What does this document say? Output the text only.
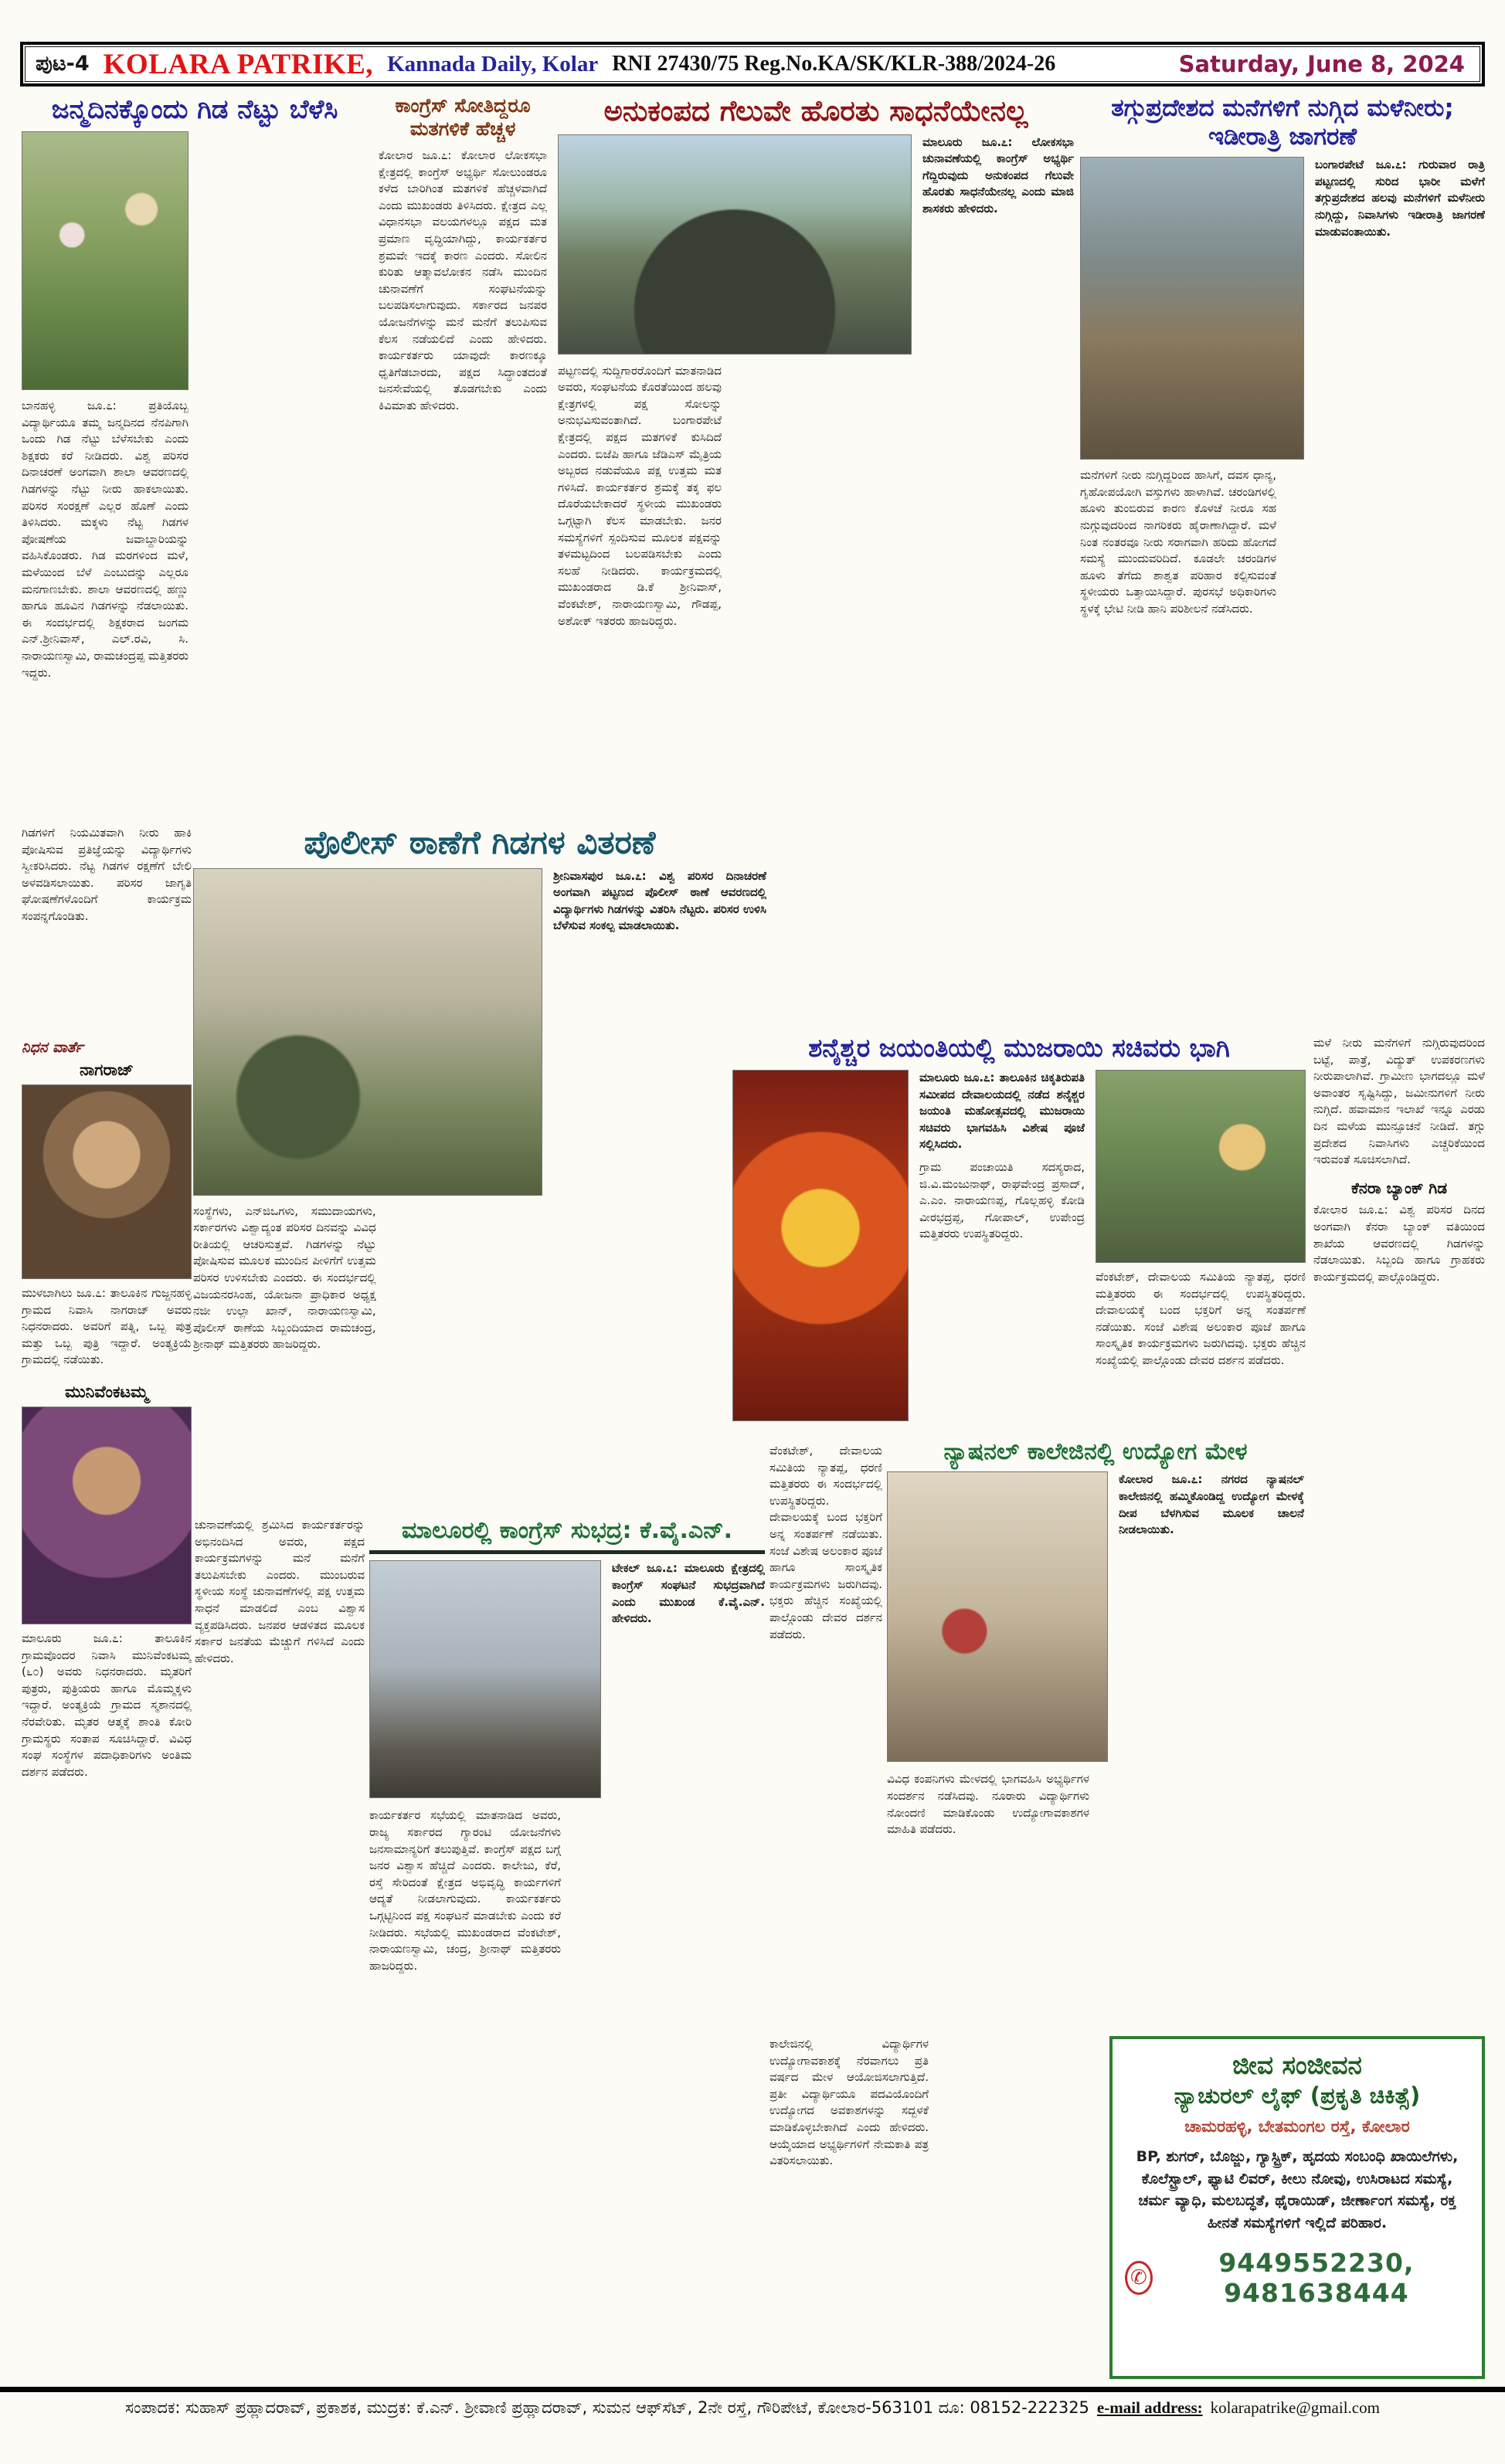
ಪುಟ-4 KOLARA PATRIKE, Kannada Daily, Kolar RNI 27430/75 Reg.No.KA/SK/KLR-388/2024-26	Saturday, June 8, 2024
ಜನ್ಮದಿನಕ್ಕೊಂದು ಗಿಡ ನೆಟ್ಟು ಬೆಳೆಸಿ

ಬಾನಹಳ್ಳಿ ಜೂ.೭: ಪ್ರತಿಯೊಬ್ಬ ವಿದ್ಯಾರ್ಥಿಯೂ ತಮ್ಮ ಜನ್ಮದಿನದ ನೆನಪಿಗಾಗಿ ಒಂದು ಗಿಡ ನೆಟ್ಟು ಬೆಳೆಸಬೇಕು ಎಂದು ಶಿಕ್ಷಕರು ಕರೆ ನೀಡಿದರು. ವಿಶ್ವ ಪರಿಸರ ದಿನಾಚರಣೆ ಅಂಗವಾಗಿ ಶಾಲಾ ಆವರಣದಲ್ಲಿ ಗಿಡಗಳನ್ನು ನೆಟ್ಟು ನೀರು ಹಾಕಲಾಯಿತು. ಪರಿಸರ ಸಂರಕ್ಷಣೆ ಎಲ್ಲರ ಹೊಣೆ ಎಂದು ತಿಳಿಸಿದರು. ಮಕ್ಕಳು ನೆಟ್ಟ ಗಿಡಗಳ ಪೋಷಣೆಯ ಜವಾಬ್ದಾರಿಯನ್ನು ವಹಿಸಿಕೊಂಡರು. ಗಿಡ ಮರಗಳಿಂದ ಮಳೆ, ಮಳೆಯಿಂದ ಬೆಳೆ ಎಂಬುದನ್ನು ಎಲ್ಲರೂ ಮನಗಾಣಬೇಕು. ಶಾಲಾ ಆವರಣದಲ್ಲಿ ಹಣ್ಣು ಹಾಗೂ ಹೂವಿನ ಗಿಡಗಳನ್ನು ನೆಡಲಾಯಿತು. ಈ ಸಂದರ್ಭದಲ್ಲಿ ಶಿಕ್ಷಕರಾದ ಜಂಗಮ ಎನ್.ಶ್ರೀನಿವಾಸ್, ಎಲ್.ರವಿ, ಸಿ. ನಾರಾಯಣಸ್ವಾಮಿ, ರಾಮಚಂದ್ರಪ್ಪ ಮತ್ತಿತರರು ಇದ್ದರು.

ಗಿಡಗಳಿಗೆ ನಿಯಮಿತವಾಗಿ ನೀರು ಹಾಕಿ ಪೋಷಿಸುವ ಪ್ರತಿಜ್ಞೆಯನ್ನು ವಿದ್ಯಾರ್ಥಿಗಳು ಸ್ವೀಕರಿಸಿದರು. ನೆಟ್ಟ ಗಿಡಗಳ ರಕ್ಷಣೆಗೆ ಬೇಲಿ ಅಳವಡಿಸಲಾಯಿತು. ಪರಿಸರ ಜಾಗೃತಿ ಘೋಷಣೆಗಳೊಂದಿಗೆ ಕಾರ್ಯಕ್ರಮ ಸಂಪನ್ನಗೊಂಡಿತು.

ಕಾಂಗ್ರೆಸ್ ಸೋತಿದ್ದರೂ ಮತಗಳಿಕೆ ಹೆಚ್ಚಳ

ಕೋಲಾರ ಜೂ.೭: ಕೋಲಾರ ಲೋಕಸಭಾ ಕ್ಷೇತ್ರದಲ್ಲಿ ಕಾಂಗ್ರೆಸ್ ಅಭ್ಯರ್ಥಿ ಸೋಲುಂಡರೂ ಕಳೆದ ಬಾರಿಗಿಂತ ಮತಗಳಿಕೆ ಹೆಚ್ಚಳವಾಗಿದೆ ಎಂದು ಮುಖಂಡರು ತಿಳಿಸಿದರು. ಕ್ಷೇತ್ರದ ಎಲ್ಲ ವಿಧಾನಸಭಾ ವಲಯಗಳಲ್ಲೂ ಪಕ್ಷದ ಮತ ಪ್ರಮಾಣ ವೃದ್ಧಿಯಾಗಿದ್ದು, ಕಾರ್ಯಕರ್ತರ ಶ್ರಮವೇ ಇದಕ್ಕೆ ಕಾರಣ ಎಂದರು. ಸೋಲಿನ ಕುರಿತು ಆತ್ಮಾವಲೋಕನ ನಡೆಸಿ ಮುಂದಿನ ಚುನಾವಣೆಗೆ ಸಂಘಟನೆಯನ್ನು ಬಲಪಡಿಸಲಾಗುವುದು. ಸರ್ಕಾರದ ಜನಪರ ಯೋಜನೆಗಳನ್ನು ಮನೆ ಮನೆಗೆ ತಲುಪಿಸುವ ಕೆಲಸ ನಡೆಯಲಿದೆ ಎಂದು ಹೇಳಿದರು. ಕಾರ್ಯಕರ್ತರು ಯಾವುದೇ ಕಾರಣಕ್ಕೂ ಧೃತಿಗೆಡಬಾರದು, ಪಕ್ಷದ ಸಿದ್ಧಾಂತದಂತೆ ಜನಸೇವೆಯಲ್ಲಿ ತೊಡಗಬೇಕು ಎಂದು ಕಿವಿಮಾತು ಹೇಳಿದರು.

ಅನುಕಂಪದ ಗೆಲುವೇ ಹೊರತು ಸಾಧನೆಯೇನಲ್ಲ

ಮಾಲೂರು ಜೂ.೭: ಲೋಕಸಭಾ ಚುನಾವಣೆಯಲ್ಲಿ ಕಾಂಗ್ರೆಸ್ ಅಭ್ಯರ್ಥಿ ಗೆದ್ದಿರುವುದು ಅನುಕಂಪದ ಗೆಲುವೇ ಹೊರತು ಸಾಧನೆಯೇನಲ್ಲ ಎಂದು ಮಾಜಿ ಶಾಸಕರು ಹೇಳಿದರು.

ಪಟ್ಟಣದಲ್ಲಿ ಸುದ್ದಿಗಾರರೊಂದಿಗೆ ಮಾತನಾಡಿದ ಅವರು, ಸಂಘಟನೆಯ ಕೊರತೆಯಿಂದ ಹಲವು ಕ್ಷೇತ್ರಗಳಲ್ಲಿ ಪಕ್ಷ ಸೋಲನ್ನು ಅನುಭವಿಸುವಂತಾಗಿದೆ. ಬಂಗಾರಪೇಟೆ ಕ್ಷೇತ್ರದಲ್ಲಿ ಪಕ್ಷದ ಮತಗಳಿಕೆ ಕುಸಿದಿದೆ ಎಂದರು. ಬಿಜೆಪಿ ಹಾಗೂ ಜೆಡಿಎಸ್ ಮೈತ್ರಿಯ ಅಬ್ಬರದ ನಡುವೆಯೂ ಪಕ್ಷ ಉತ್ತಮ ಮತ ಗಳಿಸಿದೆ. ಕಾರ್ಯಕರ್ತರ ಶ್ರಮಕ್ಕೆ ತಕ್ಕ ಫಲ ದೊರೆಯಬೇಕಾದರೆ ಸ್ಥಳೀಯ ಮುಖಂಡರು ಒಗ್ಗಟ್ಟಾಗಿ ಕೆಲಸ ಮಾಡಬೇಕು. ಜನರ ಸಮಸ್ಯೆಗಳಿಗೆ ಸ್ಪಂದಿಸುವ ಮೂಲಕ ಪಕ್ಷವನ್ನು ತಳಮಟ್ಟದಿಂದ ಬಲಪಡಿಸಬೇಕು ಎಂದು ಸಲಹೆ ನೀಡಿದರು. ಕಾರ್ಯಕ್ರಮದಲ್ಲಿ ಮುಖಂಡರಾದ ಡಿ.ಕೆ ಶ್ರೀನಿವಾಸ್, ವೆಂಕಟೇಶ್, ನಾರಾಯಣಸ್ವಾಮಿ, ಗೌಡಪ್ಪ, ಅಶೋಕ್ ಇತರರು ಹಾಜರಿದ್ದರು.

ತಗ್ಗುಪ್ರದೇಶದ ಮನೆಗಳಿಗೆ ನುಗ್ಗಿದ ಮಳೆನೀರು; ಇಡೀರಾತ್ರಿ ಜಾಗರಣೆ

ಬಂಗಾರಪೇಟೆ ಜೂ.೭: ಗುರುವಾರ ರಾತ್ರಿ ಪಟ್ಟಣದಲ್ಲಿ ಸುರಿದ ಭಾರೀ ಮಳೆಗೆ ತಗ್ಗುಪ್ರದೇಶದ ಹಲವು ಮನೆಗಳಿಗೆ ಮಳೆನೀರು ನುಗ್ಗಿದ್ದು, ನಿವಾಸಿಗಳು ಇಡೀರಾತ್ರಿ ಜಾಗರಣೆ ಮಾಡುವಂತಾಯಿತು.

ಮನೆಗಳಿಗೆ ನೀರು ನುಗ್ಗಿದ್ದರಿಂದ ಹಾಸಿಗೆ, ದವಸ ಧಾನ್ಯ, ಗೃಹೋಪಯೋಗಿ ವಸ್ತುಗಳು ಹಾಳಾಗಿವೆ. ಚರಂಡಿಗಳಲ್ಲಿ ಹೂಳು ತುಂಬಿರುವ ಕಾರಣ ಕೊಳಚೆ ನೀರೂ ಸಹ ನುಗ್ಗುವುದರಿಂದ ನಾಗರಿಕರು ಹೈರಾಣಾಗಿದ್ದಾರೆ. ಮಳೆ ನಿಂತ ನಂತರವೂ ನೀರು ಸರಾಗವಾಗಿ ಹರಿದು ಹೋಗದೆ ಸಮಸ್ಯೆ ಮುಂದುವರಿದಿದೆ. ಕೂಡಲೇ ಚರಂಡಿಗಳ ಹೂಳು ತೆಗೆದು ಶಾಶ್ವತ ಪರಿಹಾರ ಕಲ್ಪಿಸುವಂತೆ ಸ್ಥಳೀಯರು ಒತ್ತಾಯಿಸಿದ್ದಾರೆ. ಪುರಸಭೆ ಅಧಿಕಾರಿಗಳು ಸ್ಥಳಕ್ಕೆ ಭೇಟಿ ನೀಡಿ ಹಾನಿ ಪರಿಶೀಲನೆ ನಡೆಸಿದರು.

ಮಳೆ ನೀರು ಮನೆಗಳಿಗೆ ನುಗ್ಗಿರುವುದರಿಂದ ಬಟ್ಟೆ, ಪಾತ್ರೆ, ವಿದ್ಯುತ್ ಉಪಕರಣಗಳು ನೀರುಪಾಲಾಗಿವೆ. ಗ್ರಾಮೀಣ ಭಾಗದಲ್ಲೂ ಮಳೆ ಅವಾಂತರ ಸೃಷ್ಟಿಸಿದ್ದು, ಜಮೀನುಗಳಿಗೆ ನೀರು ನುಗ್ಗಿದೆ. ಹವಾಮಾನ ಇಲಾಖೆ ಇನ್ನೂ ಎರಡು ದಿನ ಮಳೆಯ ಮುನ್ಸೂಚನೆ ನೀಡಿದೆ. ತಗ್ಗು ಪ್ರದೇಶದ ನಿವಾಸಿಗಳು ಎಚ್ಚರಿಕೆಯಿಂದ ಇರುವಂತೆ ಸೂಚಿಸಲಾಗಿದೆ.

ಕೆನರಾ ಬ್ಯಾಂಕ್ ಗಿಡ

ಕೋಲಾರ ಜೂ.೭: ವಿಶ್ವ ಪರಿಸರ ದಿನದ ಅಂಗವಾಗಿ ಕೆನರಾ ಬ್ಯಾಂಕ್ ವತಿಯಿಂದ ಶಾಖೆಯ ಆವರಣದಲ್ಲಿ ಗಿಡಗಳನ್ನು ನೆಡಲಾಯಿತು. ಸಿಬ್ಬಂದಿ ಹಾಗೂ ಗ್ರಾಹಕರು ಕಾರ್ಯಕ್ರಮದಲ್ಲಿ ಪಾಲ್ಗೊಂಡಿದ್ದರು.

ಪೊಲೀಸ್ ಠಾಣೆಗೆ ಗಿಡಗಳ ವಿತರಣೆ

ಶ್ರೀನಿವಾಸಪುರ ಜೂ.೭: ವಿಶ್ವ ಪರಿಸರ ದಿನಾಚರಣೆ ಅಂಗವಾಗಿ ಪಟ್ಟಣದ ಪೊಲೀಸ್ ಠಾಣೆ ಆವರಣದಲ್ಲಿ ವಿದ್ಯಾರ್ಥಿಗಳು ಗಿಡಗಳನ್ನು ವಿತರಿಸಿ ನೆಟ್ಟರು. ಪರಿಸರ ಉಳಿಸಿ ಬೆಳೆಸುವ ಸಂಕಲ್ಪ ಮಾಡಲಾಯಿತು.

ಸಂಸ್ಥೆಗಳು, ಎನ್‌ಜಿಒಗಳು, ಸಮುದಾಯಗಳು, ಸರ್ಕಾರಗಳು ವಿಶ್ವಾದ್ಯಂತ ಪರಿಸರ ದಿನವನ್ನು ವಿವಿಧ ರೀತಿಯಲ್ಲಿ ಆಚರಿಸುತ್ತವೆ. ಗಿಡಗಳನ್ನು ನೆಟ್ಟು ಪೋಷಿಸುವ ಮೂಲಕ ಮುಂದಿನ ಪೀಳಿಗೆಗೆ ಉತ್ತಮ ಪರಿಸರ ಉಳಿಸಬೇಕು ಎಂದರು. ಈ ಸಂದರ್ಭದಲ್ಲಿ ವಿಜಯನರಸಿಂಹ, ಯೋಜನಾ ಪ್ರಾಧಿಕಾರ ಅಧ್ಯಕ್ಷ ನಜೀ ಉಲ್ಲಾ ಖಾನ್, ನಾರಾಯಣಸ್ವಾಮಿ, ಪೊಲೀಸ್ ಠಾಣೆಯ ಸಿಬ್ಬಂದಿಯಾದ ರಾಮಚಂದ್ರ, ಶ್ರೀನಾಥ್ ಮತ್ತಿತರರು ಹಾಜರಿದ್ದರು.

ಶನೈಶ್ಚರ ಜಯಂತಿಯಲ್ಲಿ ಮುಜರಾಯಿ ಸಚಿವರು ಭಾಗಿ

ಮಾಲೂರು ಜೂ.೭: ತಾಲೂಕಿನ ಚಿಕ್ಕತಿರುಪತಿ ಸಮೀಪದ ದೇವಾಲಯದಲ್ಲಿ ನಡೆದ ಶನೈಶ್ಚರ ಜಯಂತಿ ಮಹೋತ್ಸವದಲ್ಲಿ ಮುಜರಾಯಿ ಸಚಿವರು ಭಾಗವಹಿಸಿ ವಿಶೇಷ ಪೂಜೆ ಸಲ್ಲಿಸಿದರು.

ಗ್ರಾಮ ಪಂಚಾಯಿತಿ ಸದಸ್ಯರಾದ, ಜಿ.ವಿ.ಮಂಜುನಾಥ್, ರಾಘವೇಂದ್ರ ಪ್ರಸಾದ್, ಎ.ಎಂ. ನಾರಾಯಣಪ್ಪ, ಗೊಲ್ಲಹಳ್ಳಿ ಕೋಡಿ ವೀರಭದ್ರಪ್ಪ, ಗೋಪಾಲ್, ಉಪೇಂದ್ರ ಮತ್ತಿತರರು ಉಪಸ್ಥಿತರಿದ್ದರು.

ವೆಂಕಟೇಶ್, ದೇವಾಲಯ ಸಮಿತಿಯ ನ್ಯಾತಪ್ಪ, ಧರಣಿ ಮತ್ತಿತರರು ಈ ಸಂದರ್ಭದಲ್ಲಿ ಉಪಸ್ಥಿತರಿದ್ದರು. ದೇವಾಲಯಕ್ಕೆ ಬಂದ ಭಕ್ತರಿಗೆ ಅನ್ನ ಸಂತರ್ಪಣೆ ನಡೆಯಿತು. ಸಂಜೆ ವಿಶೇಷ ಅಲಂಕಾರ ಪೂಜೆ ಹಾಗೂ ಸಾಂಸ್ಕೃತಿಕ ಕಾರ್ಯಕ್ರಮಗಳು ಜರುಗಿದವು. ಭಕ್ತರು ಹೆಚ್ಚಿನ ಸಂಖ್ಯೆಯಲ್ಲಿ ಪಾಲ್ಗೊಂಡು ದೇವರ ದರ್ಶನ ಪಡೆದರು.

ವೆಂಕಟೇಶ್, ದೇವಾಲಯ ಸಮಿತಿಯ ನ್ಯಾತಪ್ಪ, ಧರಣಿ ಮತ್ತಿತರರು ಈ ಸಂದರ್ಭದಲ್ಲಿ ಉಪಸ್ಥಿತರಿದ್ದರು. ದೇವಾಲಯಕ್ಕೆ ಬಂದ ಭಕ್ತರಿಗೆ ಅನ್ನ ಸಂತರ್ಪಣೆ ನಡೆಯಿತು. ಸಂಜೆ ವಿಶೇಷ ಅಲಂಕಾರ ಪೂಜೆ ಹಾಗೂ ಸಾಂಸ್ಕೃತಿಕ ಕಾರ್ಯಕ್ರಮಗಳು ಜರುಗಿದವು. ಭಕ್ತರು ಹೆಚ್ಚಿನ ಸಂಖ್ಯೆಯಲ್ಲಿ ಪಾಲ್ಗೊಂಡು ದೇವರ ದರ್ಶನ ಪಡೆದರು.

ಮಾಲೂರಲ್ಲಿ ಕಾಂಗ್ರೆಸ್ ಸುಭದ್ರ: ಕೆ.ವೈ.ಎನ್.

ಟೇಕಲ್ ಜೂ.೭: ಮಾಲೂರು ಕ್ಷೇತ್ರದಲ್ಲಿ ಕಾಂಗ್ರೆಸ್ ಸಂಘಟನೆ ಸುಭದ್ರವಾಗಿದೆ ಎಂದು ಮುಖಂಡ ಕೆ.ವೈ.ಎನ್. ಹೇಳಿದರು.

ಕಾರ್ಯಕರ್ತರ ಸಭೆಯಲ್ಲಿ ಮಾತನಾಡಿದ ಅವರು, ರಾಜ್ಯ ಸರ್ಕಾರದ ಗ್ಯಾರಂಟಿ ಯೋಜನೆಗಳು ಜನಸಾಮಾನ್ಯರಿಗೆ ತಲುಪುತ್ತಿವೆ. ಕಾಂಗ್ರೆಸ್ ಪಕ್ಷದ ಬಗ್ಗೆ ಜನರ ವಿಶ್ವಾಸ ಹೆಚ್ಚಿದೆ ಎಂದರು. ಕಾಲೇಜು, ಕೆರೆ, ರಸ್ತೆ ಸೇರಿದಂತೆ ಕ್ಷೇತ್ರದ ಅಭಿವೃದ್ಧಿ ಕಾರ್ಯಗಳಿಗೆ ಆದ್ಯತೆ ನೀಡಲಾಗುವುದು. ಕಾರ್ಯಕರ್ತರು ಒಗ್ಗಟ್ಟಿನಿಂದ ಪಕ್ಷ ಸಂಘಟನೆ ಮಾಡಬೇಕು ಎಂದು ಕರೆ ನೀಡಿದರು. ಸಭೆಯಲ್ಲಿ ಮುಖಂಡರಾದ ವೆಂಕಟೇಶ್, ನಾರಾಯಣಸ್ವಾಮಿ, ಚಂದ್ರ, ಶ್ರೀನಾಥ್ ಮತ್ತಿತರರು ಹಾಜರಿದ್ದರು.

ಚುನಾವಣೆಯಲ್ಲಿ ಶ್ರಮಿಸಿದ ಕಾರ್ಯಕರ್ತರನ್ನು ಅಭಿನಂದಿಸಿದ ಅವರು, ಪಕ್ಷದ ಕಾರ್ಯಕ್ರಮಗಳನ್ನು ಮನೆ ಮನೆಗೆ ತಲುಪಿಸಬೇಕು ಎಂದರು. ಮುಂಬರುವ ಸ್ಥಳೀಯ ಸಂಸ್ಥೆ ಚುನಾವಣೆಗಳಲ್ಲಿ ಪಕ್ಷ ಉತ್ತಮ ಸಾಧನೆ ಮಾಡಲಿದೆ ಎಂಬ ವಿಶ್ವಾಸ ವ್ಯಕ್ತಪಡಿಸಿದರು. ಜನಪರ ಆಡಳಿತದ ಮೂಲಕ ಸರ್ಕಾರ ಜನತೆಯ ಮೆಚ್ಚುಗೆ ಗಳಿಸಿದೆ ಎಂದು ಹೇಳಿದರು.

ನ್ಯಾಷನಲ್ ಕಾಲೇಜಿನಲ್ಲಿ ಉದ್ಯೋಗ ಮೇಳ

ಕೋಲಾರ ಜೂ.೭: ನಗರದ ನ್ಯಾಷನಲ್ ಕಾಲೇಜಿನಲ್ಲಿ ಹಮ್ಮಿಕೊಂಡಿದ್ದ ಉದ್ಯೋಗ ಮೇಳಕ್ಕೆ ದೀಪ ಬೆಳಗಿಸುವ ಮೂಲಕ ಚಾಲನೆ ನೀಡಲಾಯಿತು.

ವಿವಿಧ ಕಂಪನಿಗಳು ಮೇಳದಲ್ಲಿ ಭಾಗವಹಿಸಿ ಅಭ್ಯರ್ಥಿಗಳ ಸಂದರ್ಶನ ನಡೆಸಿದವು. ನೂರಾರು ವಿದ್ಯಾರ್ಥಿಗಳು ನೋಂದಣಿ ಮಾಡಿಕೊಂಡು ಉದ್ಯೋಗಾವಕಾಶಗಳ ಮಾಹಿತಿ ಪಡೆದರು.

ಕಾಲೇಜಿನಲ್ಲಿ ವಿದ್ಯಾರ್ಥಿಗಳ ಉದ್ಯೋಗಾವಕಾಶಕ್ಕೆ ನೆರವಾಗಲು ಪ್ರತಿ ವರ್ಷದ ಮೇಳ ಆಯೋಜಿಸಲಾಗುತ್ತಿದೆ. ಪ್ರತೀ ವಿದ್ಯಾರ್ಥಿಯೂ ಪದವಿಯೊಂದಿಗೆ ಉದ್ಯೋಗದ ಅವಕಾಶಗಳನ್ನು ಸದ್ಬಳಕೆ ಮಾಡಿಕೊಳ್ಳಬೇಕಾಗಿದೆ ಎಂದು ಹೇಳಿದರು. ಆಯ್ಕೆಯಾದ ಅಭ್ಯರ್ಥಿಗಳಿಗೆ ನೇಮಕಾತಿ ಪತ್ರ ವಿತರಿಸಲಾಯಿತು.

ನಿಧನ ವಾರ್ತೆ
ನಾಗರಾಜ್

ಮುಳಬಾಗಿಲು ಜೂ.೭: ತಾಲೂಕಿನ ಗುಜ್ಜನಹಳ್ಳಿ ಗ್ರಾಮದ ನಿವಾಸಿ ನಾಗರಾಜ್ ಅವರು ನಿಧನರಾದರು. ಅವರಿಗೆ ಪತ್ನಿ, ಒಬ್ಬ ಪುತ್ರ ಮತ್ತು ಒಬ್ಬ ಪುತ್ರಿ ಇದ್ದಾರೆ. ಅಂತ್ಯಕ್ರಿಯೆ ಗ್ರಾಮದಲ್ಲಿ ನಡೆಯಿತು.

ಮುನಿವೆಂಕಟಮ್ಮ

ಮಾಲೂರು ಜೂ.೭: ತಾಲೂಕಿನ ಗ್ರಾಮವೊಂದರ ನಿವಾಸಿ ಮುನಿವೆಂಕಟಮ್ಮ (೬೦) ಅವರು ನಿಧನರಾದರು. ಮೃತರಿಗೆ ಪುತ್ರರು, ಪುತ್ರಿಯರು ಹಾಗೂ ಮೊಮ್ಮಕ್ಕಳು ಇದ್ದಾರೆ. ಅಂತ್ಯಕ್ರಿಯೆ ಗ್ರಾಮದ ಸ್ಮಶಾನದಲ್ಲಿ ನೆರವೇರಿತು. ಮೃತರ ಆತ್ಮಕ್ಕೆ ಶಾಂತಿ ಕೋರಿ ಗ್ರಾಮಸ್ಥರು ಸಂತಾಪ ಸೂಚಿಸಿದ್ದಾರೆ. ವಿವಿಧ ಸಂಘ ಸಂಸ್ಥೆಗಳ ಪದಾಧಿಕಾರಿಗಳು ಅಂತಿಮ ದರ್ಶನ ಪಡೆದರು.

ಜೀವ ಸಂಜೀವನ
ನ್ಯಾಚುರಲ್ ಲೈಫ್ (ಪ್ರಕೃತಿ ಚಿಕಿತ್ಸೆ)
ಚಾಮರಹಳ್ಳಿ, ಬೇತಮಂಗಲ ರಸ್ತೆ, ಕೋಲಾರ
BP, ಶುಗರ್, ಬೊಜ್ಜು, ಗ್ಯಾಸ್ಟ್ರಿಕ್, ಹೃದಯ ಸಂಬಂಧಿ ಖಾಯಿಲೆಗಳು, ಕೊಲೆಸ್ಟ್ರಾಲ್, ಫ್ಯಾಟಿ ಲಿವರ್, ಕೀಲು ನೋವು, ಉಸಿರಾಟದ ಸಮಸ್ಯೆ, ಚರ್ಮ ವ್ಯಾಧಿ, ಮಲಬದ್ಧತೆ, ಥೈರಾಯಿಡ್, ಜೀರ್ಣಾಂಗ ಸಮಸ್ಯೆ, ರಕ್ತ ಹೀನತೆ ಸಮಸ್ಯೆಗಳಿಗೆ ಇಲ್ಲಿದೆ ಪರಿಹಾರ.
✆	9449552230, 9481638444
ಸಂಪಾದಕ: ಸುಹಾಸ್ ಪ್ರಹ್ಲಾದರಾವ್, ಪ್ರಕಾಶಕ, ಮುದ್ರಕ: ಕೆ.ಎನ್. ಶ್ರೀವಾಣಿ ಪ್ರಹ್ಲಾದರಾವ್, ಸುಮನ ಆಫ್‌ಸೆಟ್, 2ನೇ ರಸ್ತೆ, ಗೌರಿಪೇಟೆ, ಕೋಲಾರ-563101 ದೂ: 08152-222325 e-mail address: kolarapatrike@gmail.com
